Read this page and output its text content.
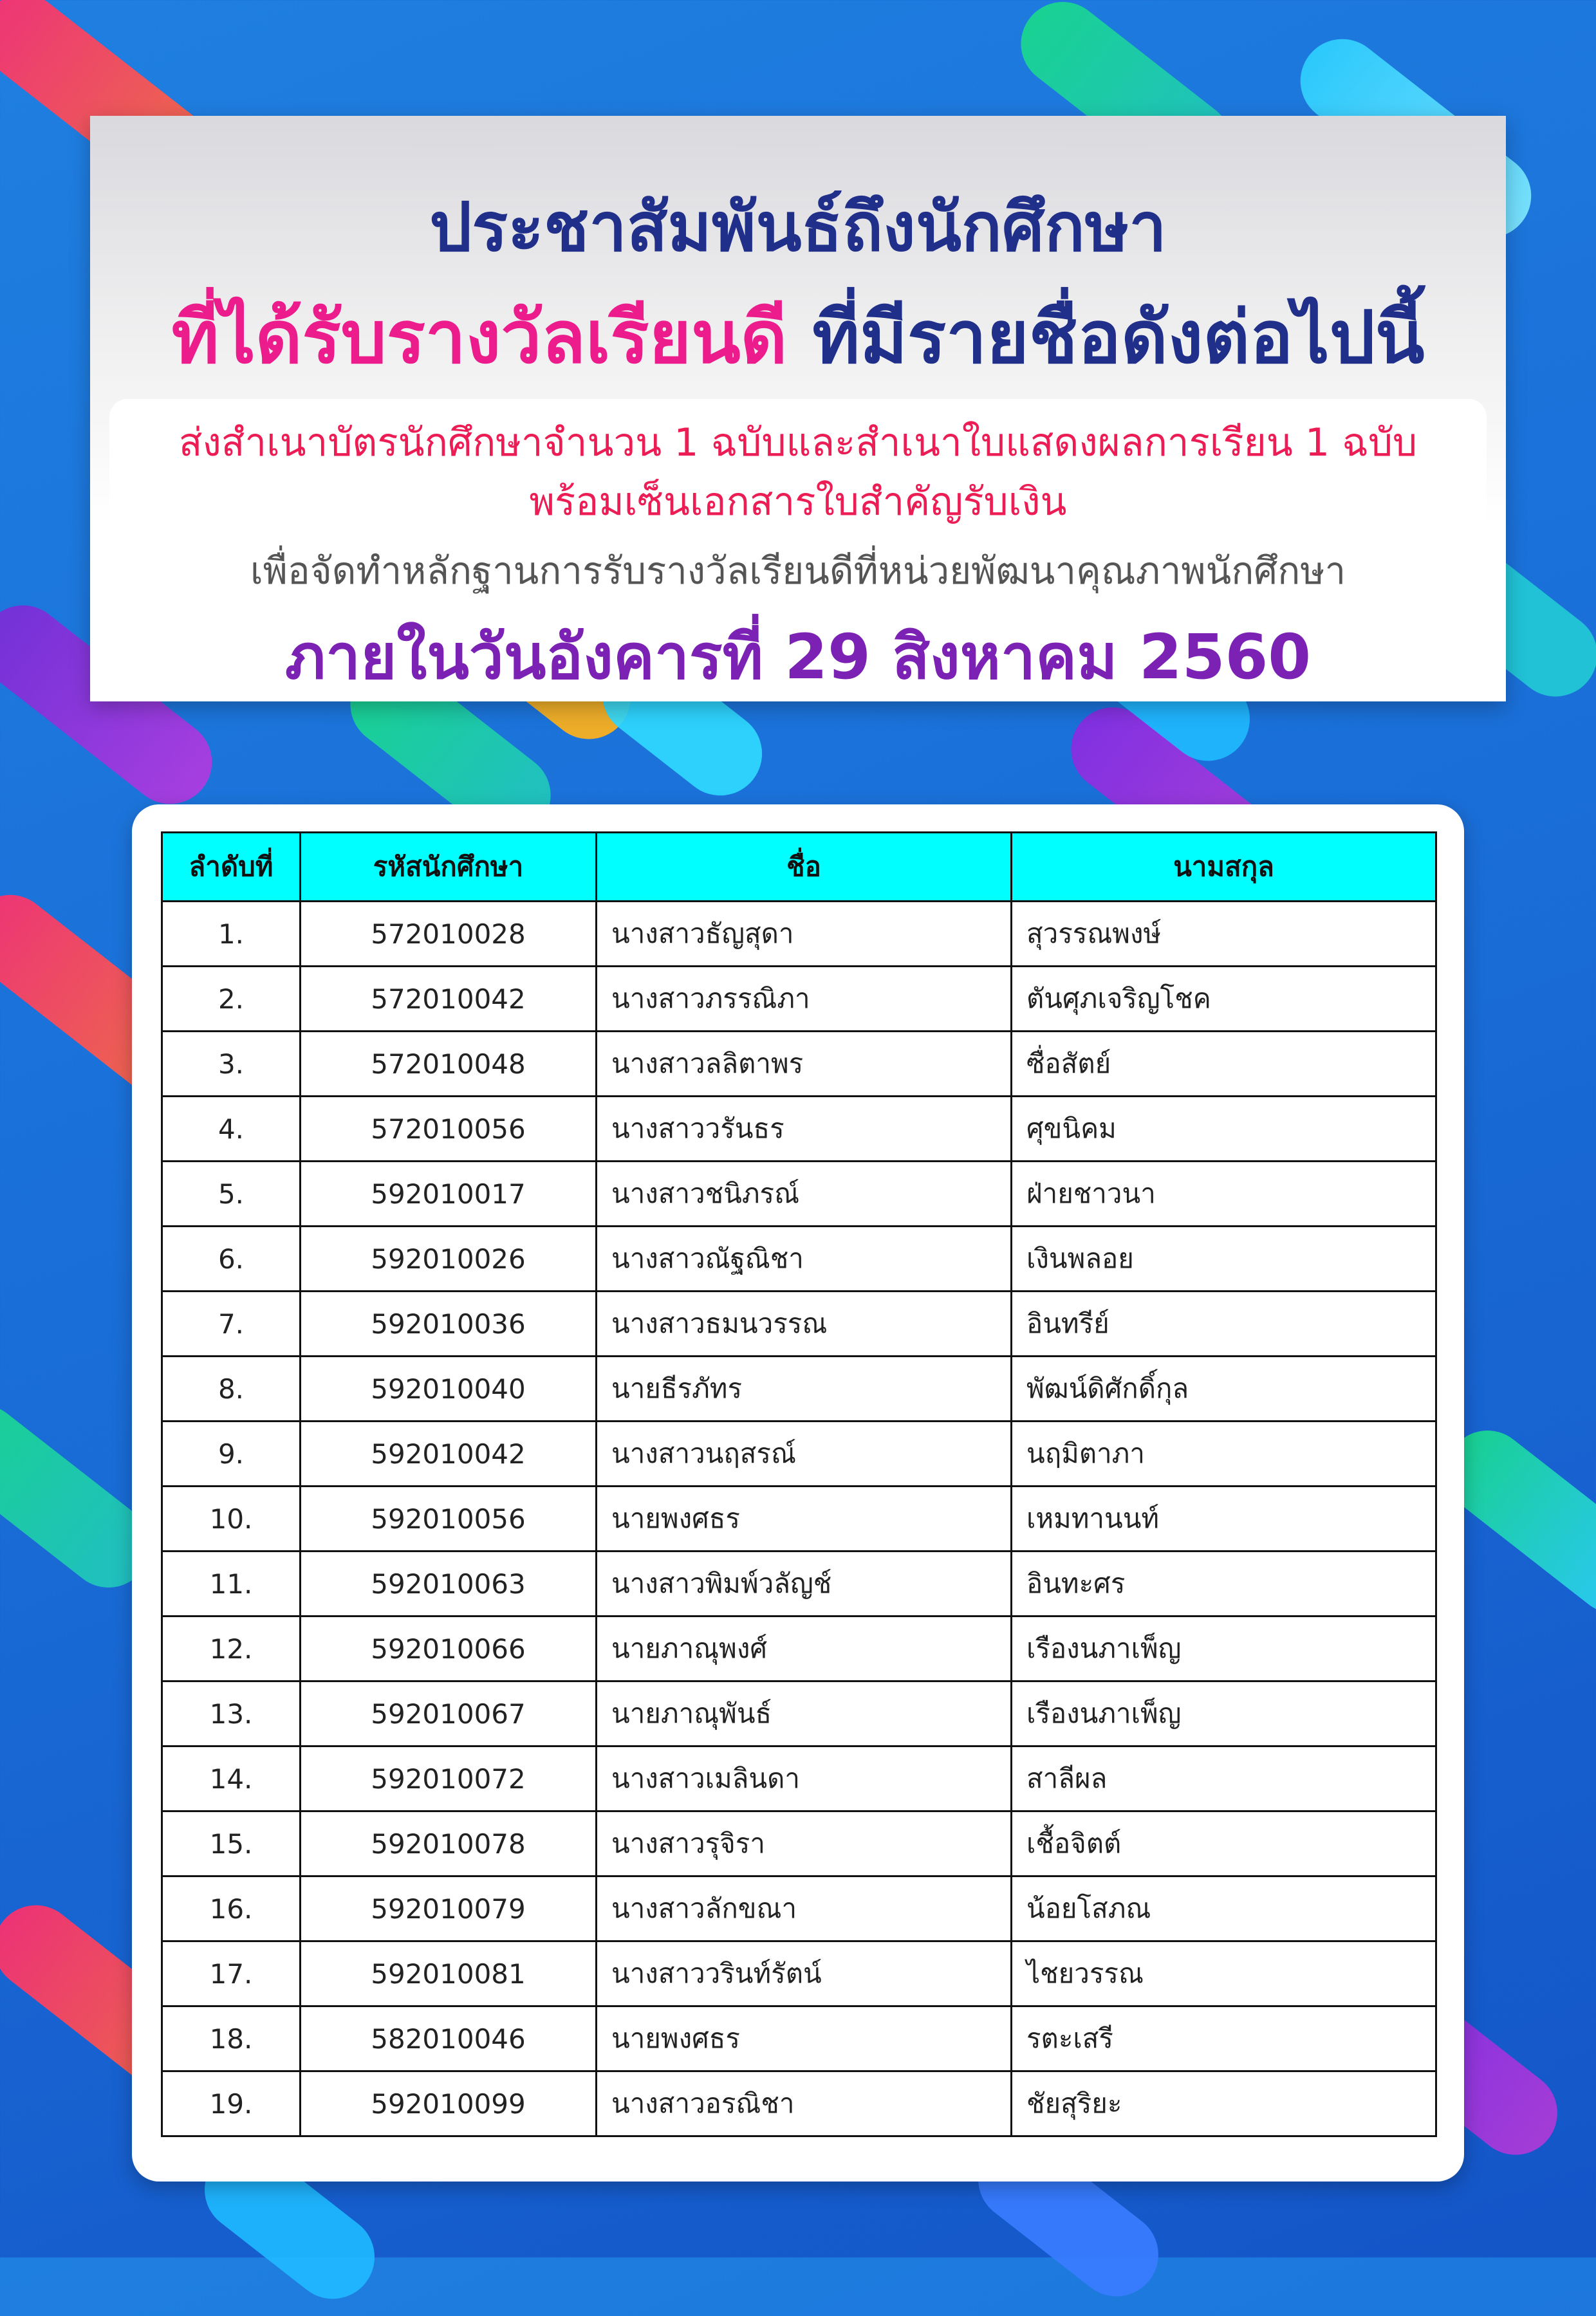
ประชาสัมพันธ์ถึงนักศึกษา
ที่ได้รับรางวัลเรียนดี ที่มีรายชื่อดังต่อไปนี้
ส่งสำเนาบัตรนักศึกษาจำนวน 1 ฉบับและสำเนาใบแสดงผลการเรียน 1 ฉบับ
พร้อมเซ็นเอกสารใบสำคัญรับเงิน
เพื่อจัดทำหลักฐานการรับรางวัลเรียนดีที่หน่วยพัฒนาคุณภาพนักศึกษา
ภายในวันอังคารที่ 29 สิงหาคม 2560
ลำดับที่	รหัสนักศึกษา	ชื่อ	นามสกุล
1.	572010028	นางสาวธัญสุดา	สุวรรณพงษ์
2.	572010042	นางสาวภรรณิภา	ตันศุภเจริญโชค
3.	572010048	นางสาวลลิตาพร	ซื่อสัตย์
4.	572010056	นางสาววรันธร	ศุขนิคม
5.	592010017	นางสาวชนิภรณ์	ฝ่ายชาวนา
6.	592010026	นางสาวณัฐณิชา	เงินพลอย
7.	592010036	นางสาวธมนวรรณ	อินทรีย์
8.	592010040	นายธีรภัทร	พัฒน์ดิศักดิ์กุล
9.	592010042	นางสาวนฤสรณ์	นฤมิตาภา
10.	592010056	นายพงศธร	เหมทานนท์
11.	592010063	นางสาวพิมพ์วลัญช์	อินทะศร
12.	592010066	นายภาณุพงศ์	เรืองนภาเพ็ญ
13.	592010067	นายภาณุพันธ์	เรืองนภาเพ็ญ
14.	592010072	นางสาวเมลินดา	สาลีผล
15.	592010078	นางสาวรุจิรา	เชื้อจิตต์
16.	592010079	นางสาวลักขณา	น้อยโสภณ
17.	592010081	นางสาววรินท์รัตน์	ไชยวรรณ
18.	582010046	นายพงศธร	รตะเสรี
19.	592010099	นางสาวอรณิชา	ชัยสุริยะ
